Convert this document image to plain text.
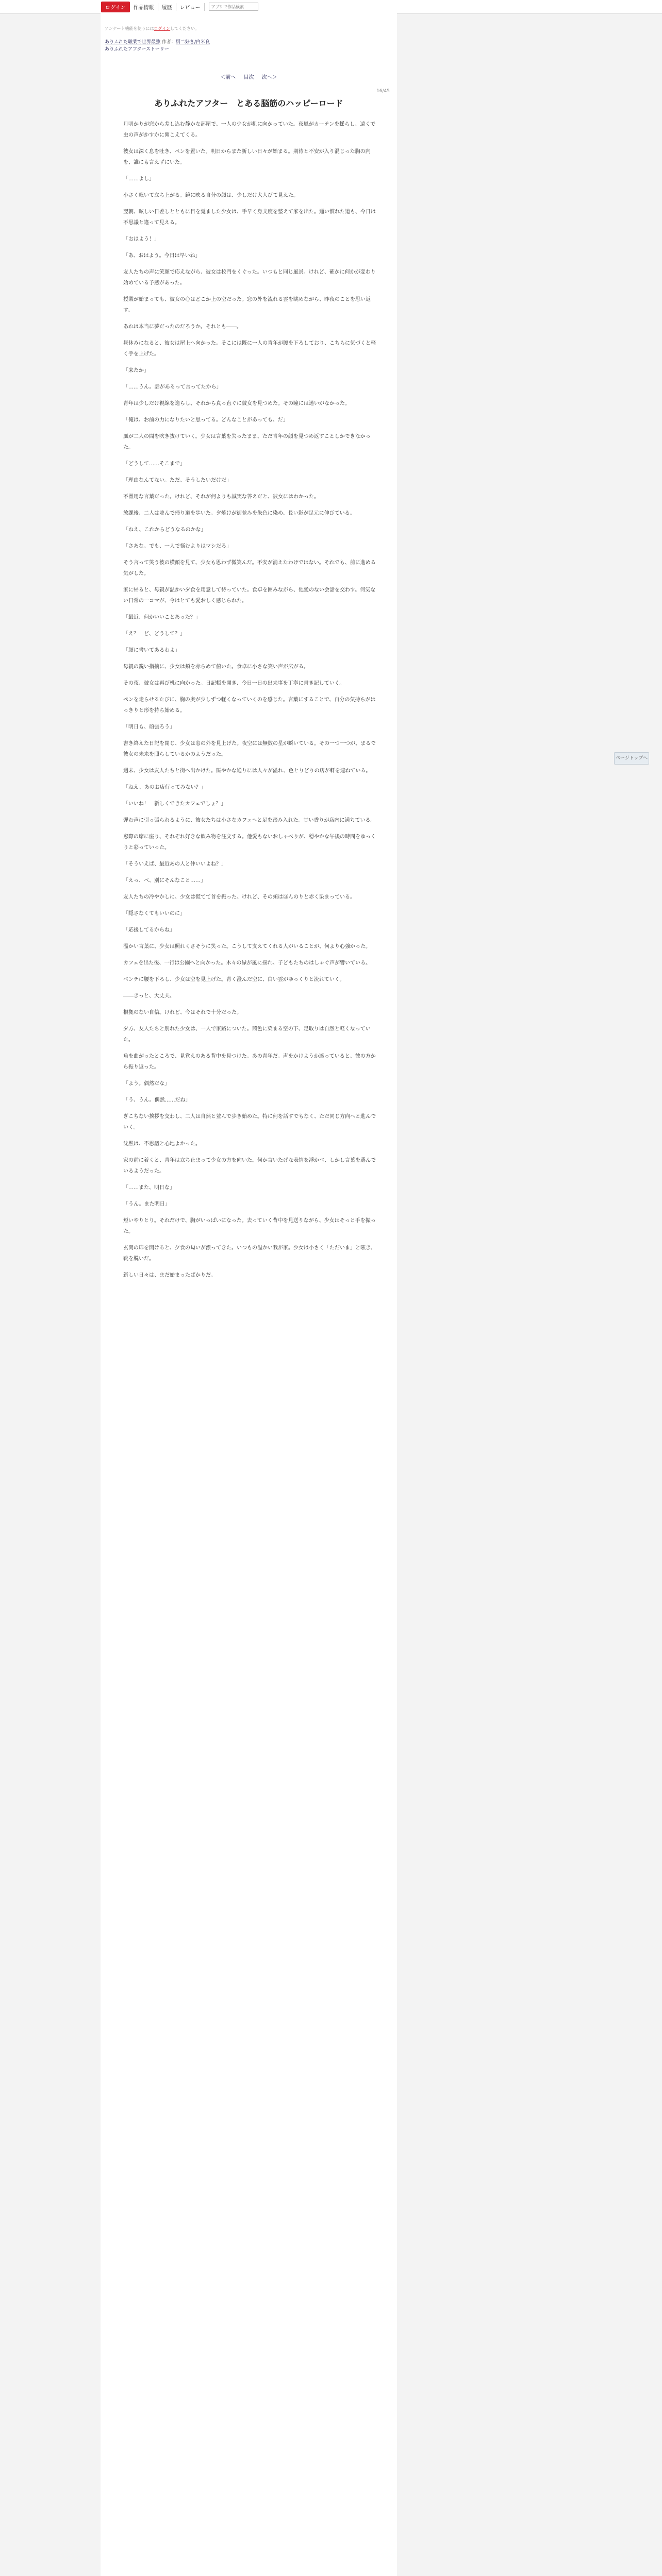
ログイン	作品情報	履歴	レビュー
アプリで作品検索
アンケート機能を使うにはログインしてください。
ありふれた職業で世界最強 作者：厨二好き/白米良
ありふれたアフターストーリー
＜前へ 目次 次へ＞
16/45
ありふれたアフター　とある脳筋のハッピーロード

月明かりが窓から差し込む静かな部屋で、一人の少女が机に向かっていた。夜風がカーテンを揺らし、遠くで虫の声がかすかに聞こえてくる。

彼女は深く息を吐き、ペンを置いた。明日からまた新しい日々が始まる。期待と不安が入り混じった胸の内を、誰にも言えずにいた。

「……よし」

小さく呟いて立ち上がる。鏡に映る自分の顔は、少しだけ大人びて見えた。

翌朝、眩しい日差しとともに目を覚ました少女は、手早く身支度を整えて家を出た。通い慣れた道も、今日は不思議と違って見える。

「おはよう！」

「あ、おはよう。今日は早いね」

友人たちの声に笑顔で応えながら、彼女は校門をくぐった。いつもと同じ風景。けれど、確かに何かが変わり始めている予感があった。

授業が始まっても、彼女の心はどこか上の空だった。窓の外を流れる雲を眺めながら、昨夜のことを思い返す。

あれは本当に夢だったのだろうか。それとも――。

昼休みになると、彼女は屋上へ向かった。そこには既に一人の青年が腰を下ろしており、こちらに気づくと軽く手を上げた。

「来たか」

「……うん。話があるって言ってたから」

青年は少しだけ視線を逸らし、それから真っ直ぐに彼女を見つめた。その瞳には迷いがなかった。

「俺は、お前の力になりたいと思ってる。どんなことがあっても、だ」

風が二人の間を吹き抜けていく。少女は言葉を失ったまま、ただ青年の顔を見つめ返すことしかできなかった。

「どうして……そこまで」

「理由なんてない。ただ、そうしたいだけだ」

不器用な言葉だった。けれど、それが何よりも誠実な答えだと、彼女にはわかった。

放課後、二人は並んで帰り道を歩いた。夕焼けが街並みを朱色に染め、長い影が足元に伸びている。

「ねえ、これからどうなるのかな」

「さあな。でも、一人で悩むよりはマシだろ」

そう言って笑う彼の横顔を見て、少女も思わず微笑んだ。不安が消えたわけではない。それでも、前に進める気がした。

家に帰ると、母親が温かい夕食を用意して待っていた。食卓を囲みながら、他愛のない会話を交わす。何気ない日常の一コマが、今はとても愛おしく感じられた。

「最近、何かいいことあった？」

「え？　ど、どうして？」

「顔に書いてあるわよ」

母親の鋭い指摘に、少女は頬を赤らめて俯いた。食卓に小さな笑い声が広がる。

その夜、彼女は再び机に向かった。日記帳を開き、今日一日の出来事を丁寧に書き記していく。

ペンを走らせるたびに、胸の奥が少しずつ軽くなっていくのを感じた。言葉にすることで、自分の気持ちがはっきりと形を持ち始める。

「明日も、頑張ろう」

書き終えた日記を閉じ、少女は窓の外を見上げた。夜空には無数の星が瞬いている。その一つ一つが、まるで彼女の未来を照らしているかのようだった。

週末、少女は友人たちと街へ出かけた。賑やかな通りには人々が溢れ、色とりどりの店が軒を連ねている。

「ねえ、あのお店行ってみない？」

「いいね！　新しくできたカフェでしょ？」

弾む声に引っ張られるように、彼女たちは小さなカフェへと足を踏み入れた。甘い香りが店内に満ちている。

窓際の席に座り、それぞれ好きな飲み物を注文する。他愛もないおしゃべりが、穏やかな午後の時間をゆっくりと彩っていった。

「そういえば、最近あの人と仲いいよね？」

「えっ、べ、別にそんなこと……」

友人たちの冷やかしに、少女は慌てて首を振った。けれど、その頬はほんのりと赤く染まっている。

「隠さなくてもいいのに」

「応援してるからね」

温かい言葉に、少女は照れくさそうに笑った。こうして支えてくれる人がいることが、何より心強かった。

カフェを出た後、一行は公園へと向かった。木々の緑が風に揺れ、子どもたちのはしゃぐ声が響いている。

ベンチに腰を下ろし、少女は空を見上げた。青く澄んだ空に、白い雲がゆっくりと流れていく。

――きっと、大丈夫。

根拠のない自信。けれど、今はそれで十分だった。

夕方、友人たちと別れた少女は、一人で家路についた。茜色に染まる空の下、足取りは自然と軽くなっていた。

角を曲がったところで、見覚えのある背中を見つけた。あの青年だ。声をかけようか迷っていると、彼の方から振り返った。

「よう。偶然だな」

「う、うん。偶然……だね」

ぎこちない挨拶を交わし、二人は自然と並んで歩き始めた。特に何を話すでもなく、ただ同じ方向へと進んでいく。

沈黙は、不思議と心地よかった。

家の前に着くと、青年は立ち止まって少女の方を向いた。何か言いたげな表情を浮かべ、しかし言葉を選んでいるようだった。

「……また、明日な」

「うん。また明日」

短いやりとり。それだけで、胸がいっぱいになった。去っていく背中を見送りながら、少女はそっと手を振った。

玄関の扉を開けると、夕食の匂いが漂ってきた。いつもの温かい我が家。少女は小さく「ただいま」と呟き、靴を脱いだ。

新しい日々は、まだ始まったばかりだ。

ページトップへ
